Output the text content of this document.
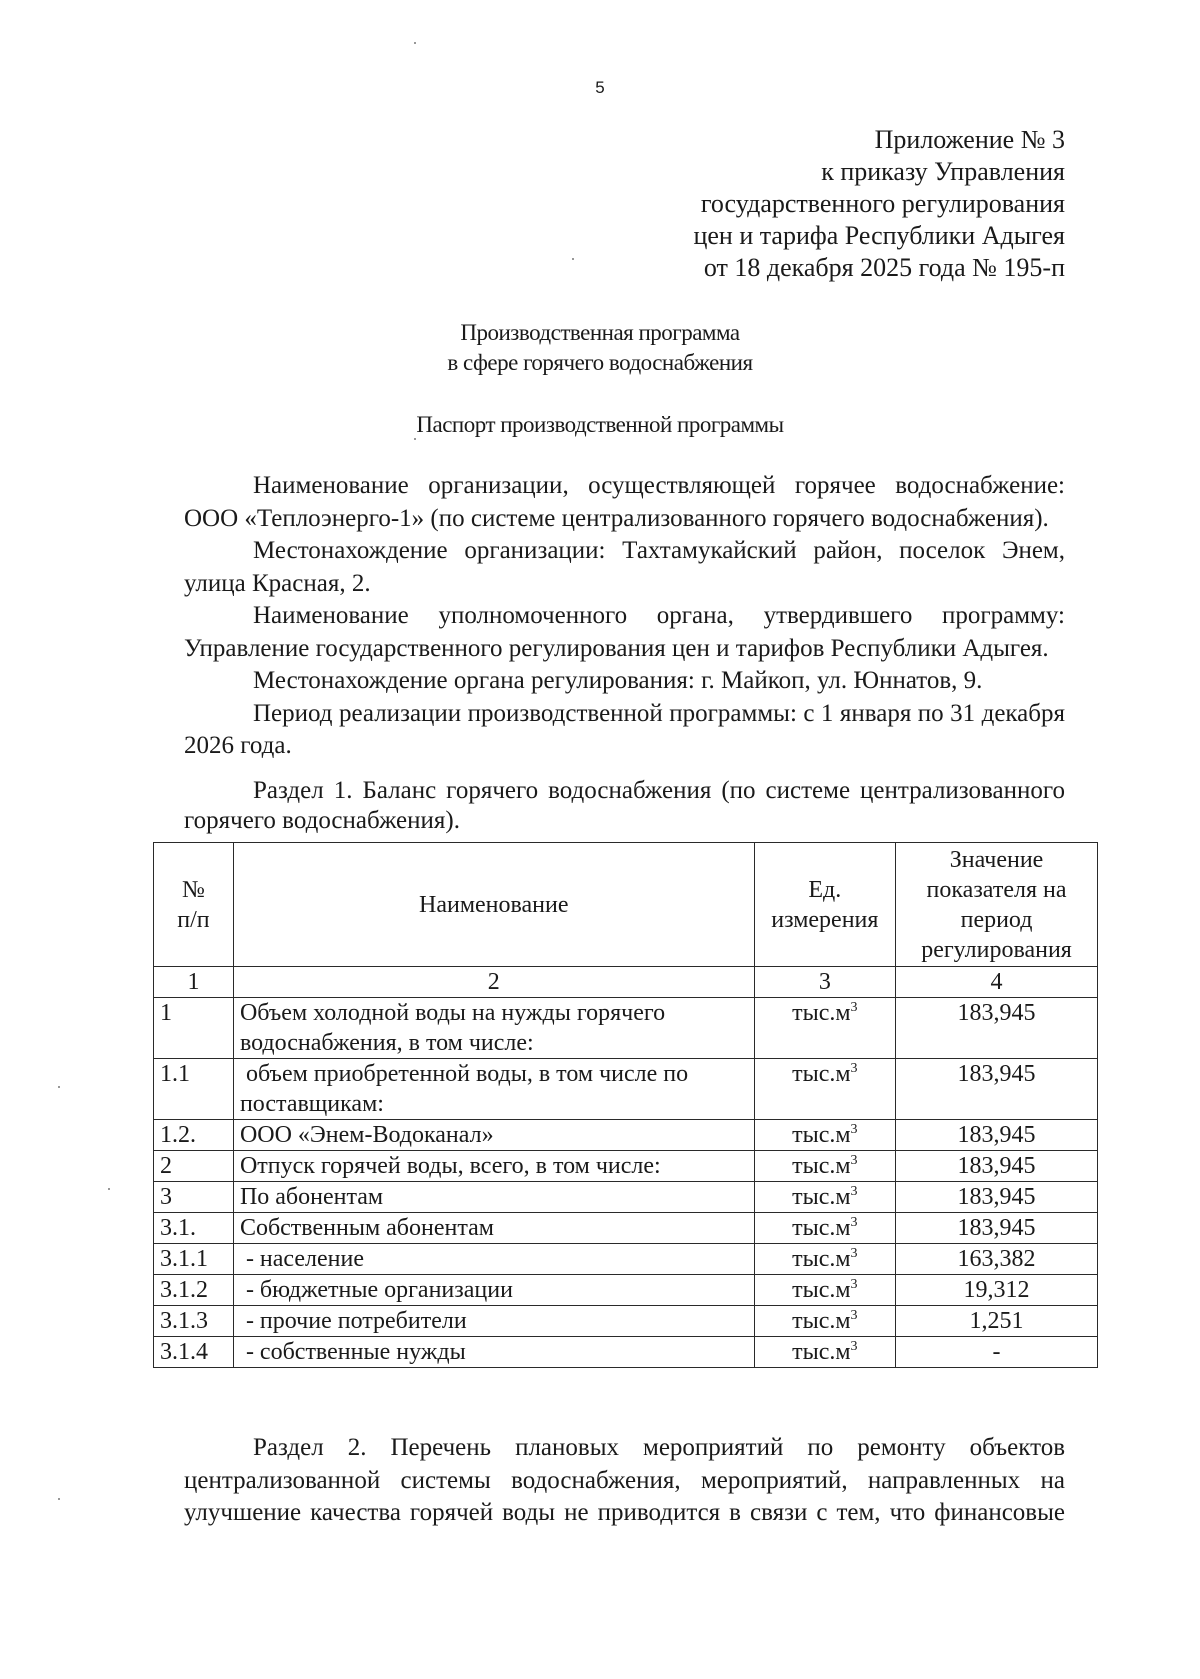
5
Приложение № 3
к приказу Управления
государственного регулирования
цен и тарифа Республики Адыгея
от 18 декабря 2025 года № 195-п
Производственная программа
в сфере горячего водоснабжения
Паспорт производственной программы

Наименование организации, осуществляющей горячее водоснабжение: ООО «Теплоэнерго-1» (по системе централизованного горячего водоснабжения).

Местонахождение организации: Тахтамукайский район, поселок Энем, улица Красная, 2.

Наименование уполномоченного органа, утвердившего программу: Управление государственного регулирования цен и тарифов Республики Адыгея.

Местонахождение органа регулирования: г. Майкоп, ул. Юннатов, 9.

Период реализации производственной программы: с 1 января по 31 декабря 2026 года.

Раздел 1. Баланс горячего водоснабжения (по системе централизованного
горячего водоснабжения).
№ п/п	Наименование	Ед. измерения	Значение показателя на период регулирования
1	2	3	4
1	Объем холодной воды на нужды горячего водоснабжения, в том числе:	$тыс.м^3$	183,945
1.1	объем приобретенной воды, в том числе по поставщикам:	$тыс.м^3$	183,945
1.2.	ООО «Энем-Водоканал»	$тыс.м^3$	183,945
2	Отпуск горячей воды, всего, в том числе:	$тыс.м^3$	183,945
3	По абонентам	$тыс.м^3$	183,945
3.1.	Собственным абонентам	$тыс.м^3$	183,945
3.1.1	- население	$тыс.м^3$	163,382
3.1.2	- бюджетные организации	$тыс.м^3$	19,312
3.1.3	- прочие потребители	$тыс.м^3$	1,251
3.1.4	- собственные нужды	$тыс.м^3$	-

Раздел 2. Перечень плановых мероприятий по ремонту объектов централизованной системы водоснабжения, мероприятий, направленных на улучшение качества горячей воды не приводится в связи с тем, что финансовые
